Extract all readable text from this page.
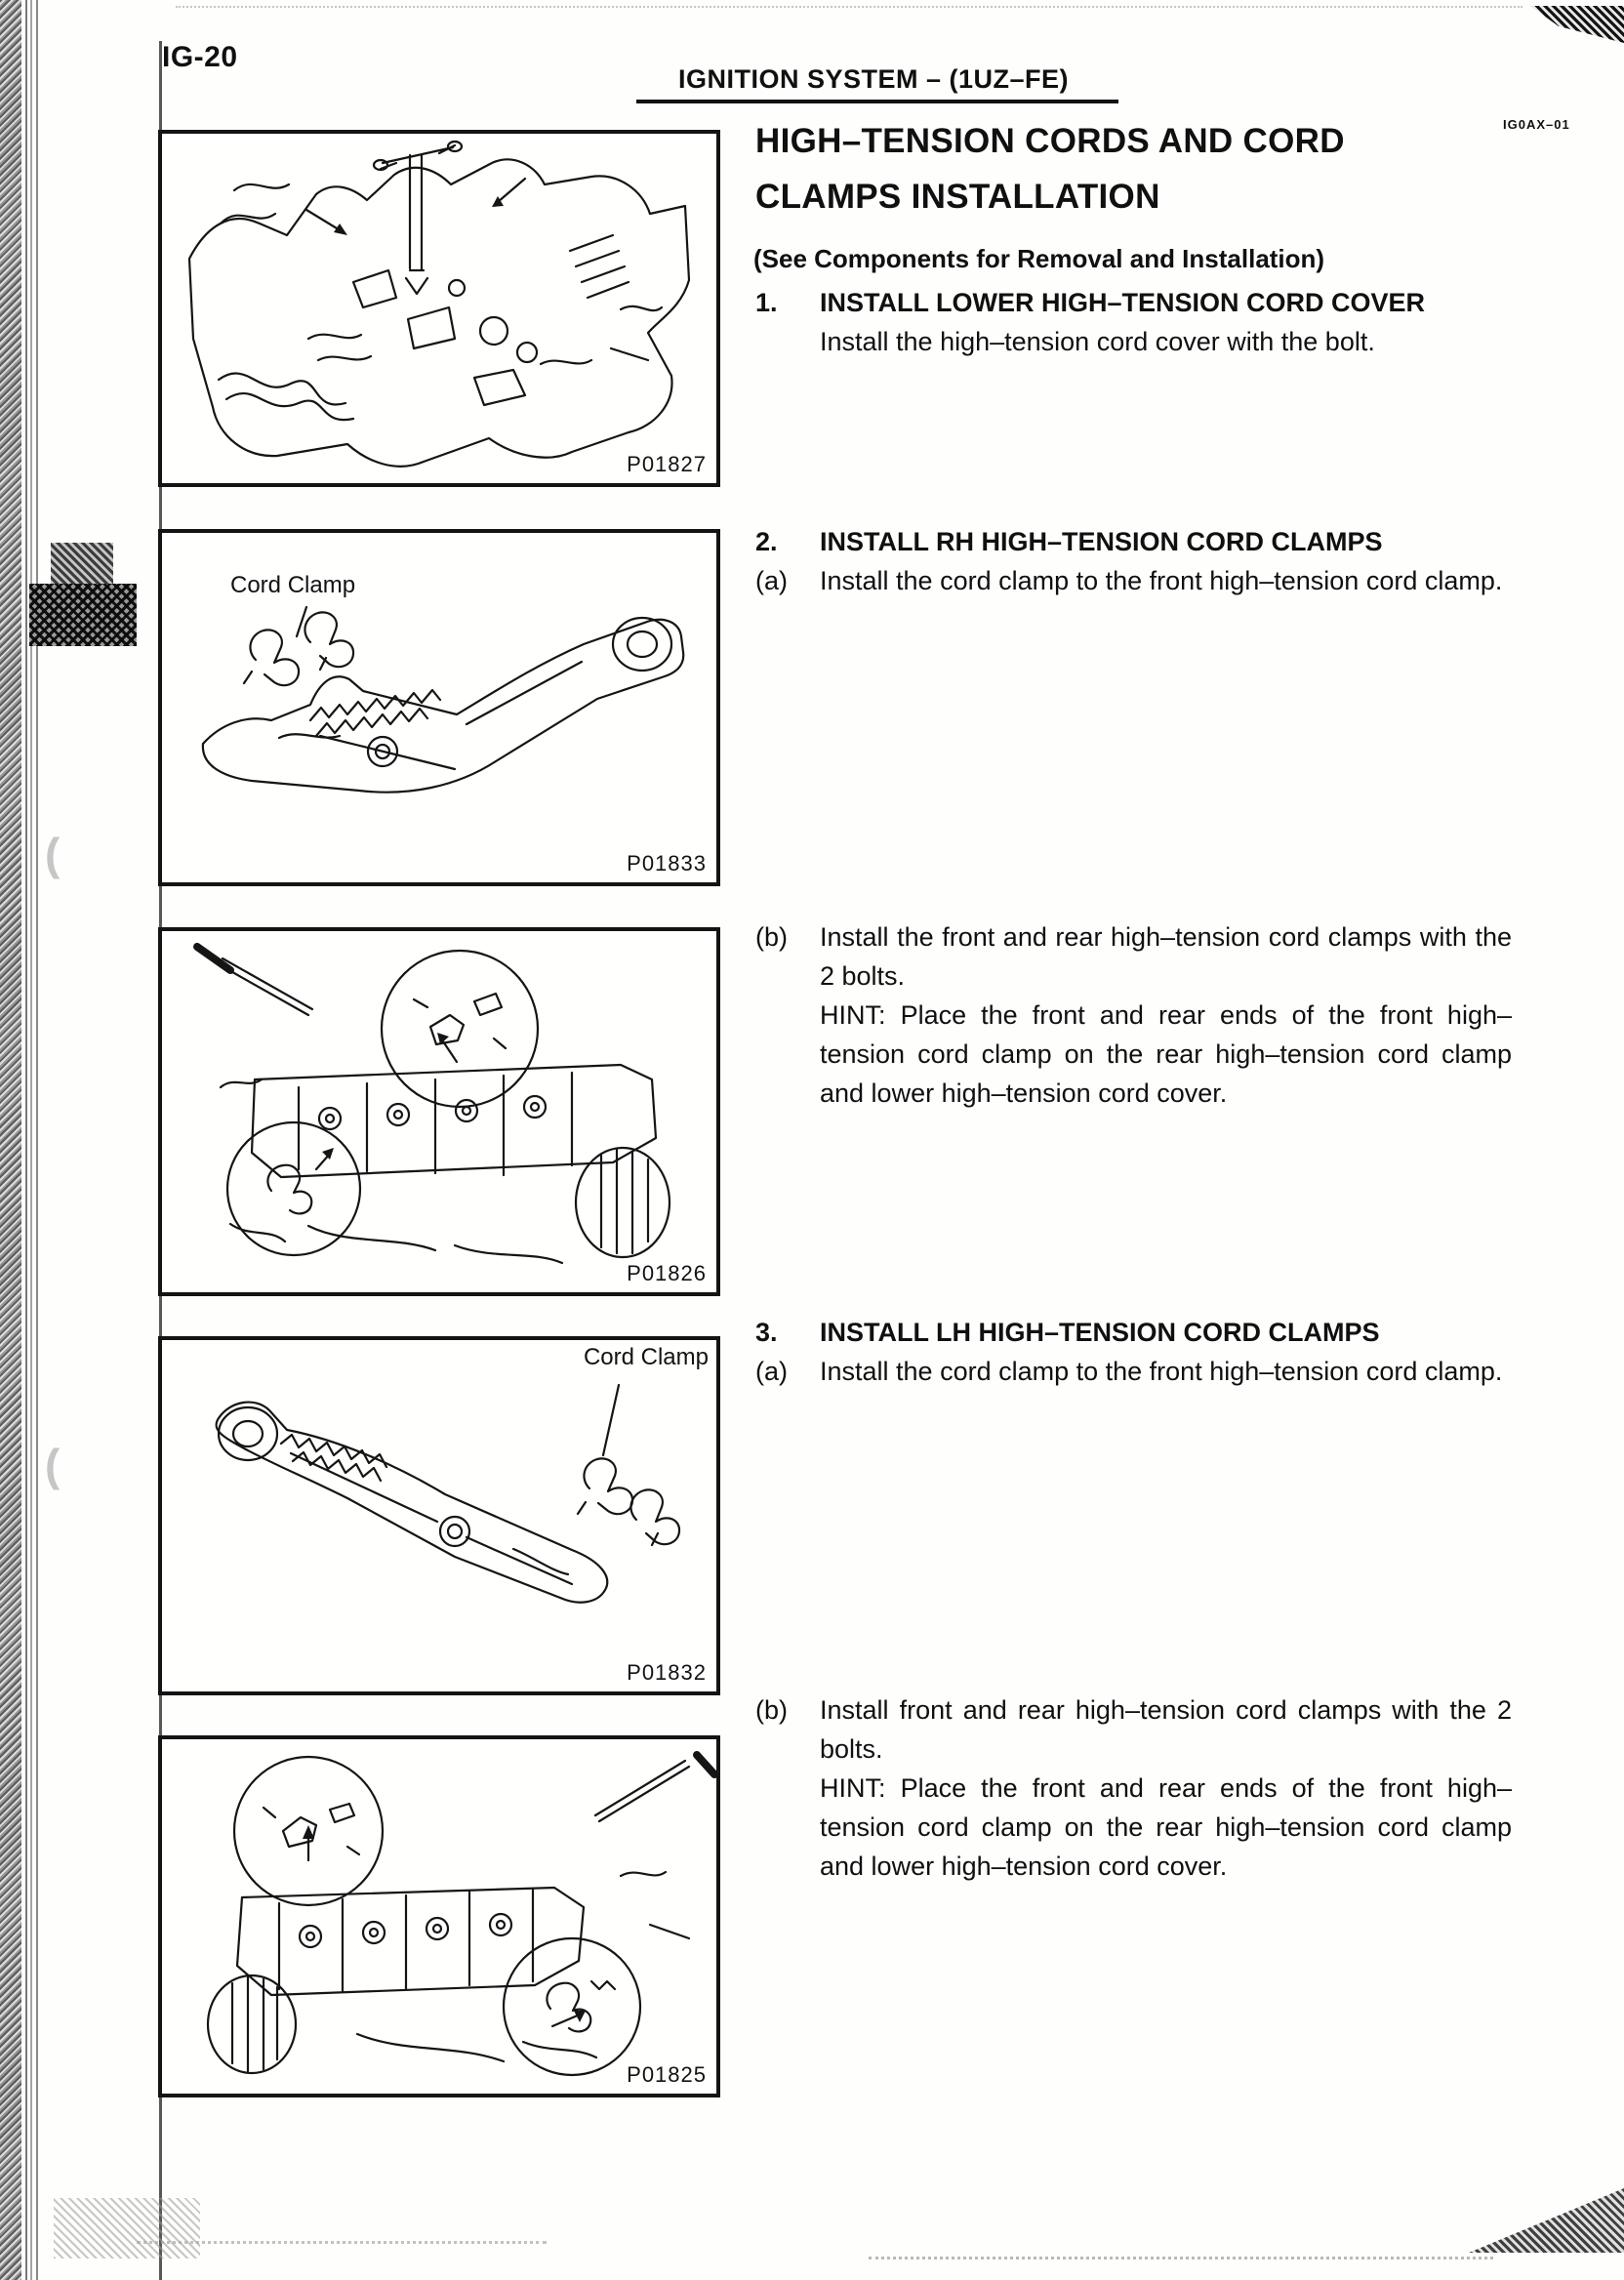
(
(
IG-20
IGNITION SYSTEM – (1UZ–FE)
IG0AX–01
P01827
Cord Clamp
P01833
P01826
Cord Clamp
P01832
P01825
HIGH–TENSION CORDS AND CORD
CLAMPS INSTALLATION
(See Components for Removal and Installation)
1.	INSTALL LOWER HIGH–TENSION CORD COVER
Install the high–tension cord cover with the bolt.
2.	INSTALL RH HIGH–TENSION CORD CLAMPS
(a)	Install the cord clamp to the front high–tension cord clamp.
(b)	Install the front and rear high–tension cord clamps with the 2 bolts.

HINT: Place the front and rear ends of the front high–tension cord clamp on the rear high–tension cord clamp and lower high–tension cord cover.

3.	INSTALL LH HIGH–TENSION CORD CLAMPS
(a)	Install the cord clamp to the front high–tension cord clamp.
(b)	Install front and rear high–tension cord clamps with the 2 bolts.

HINT: Place the front and rear ends of the front high–tension cord clamp on the rear high–tension cord clamp and lower high–tension cord cover.
